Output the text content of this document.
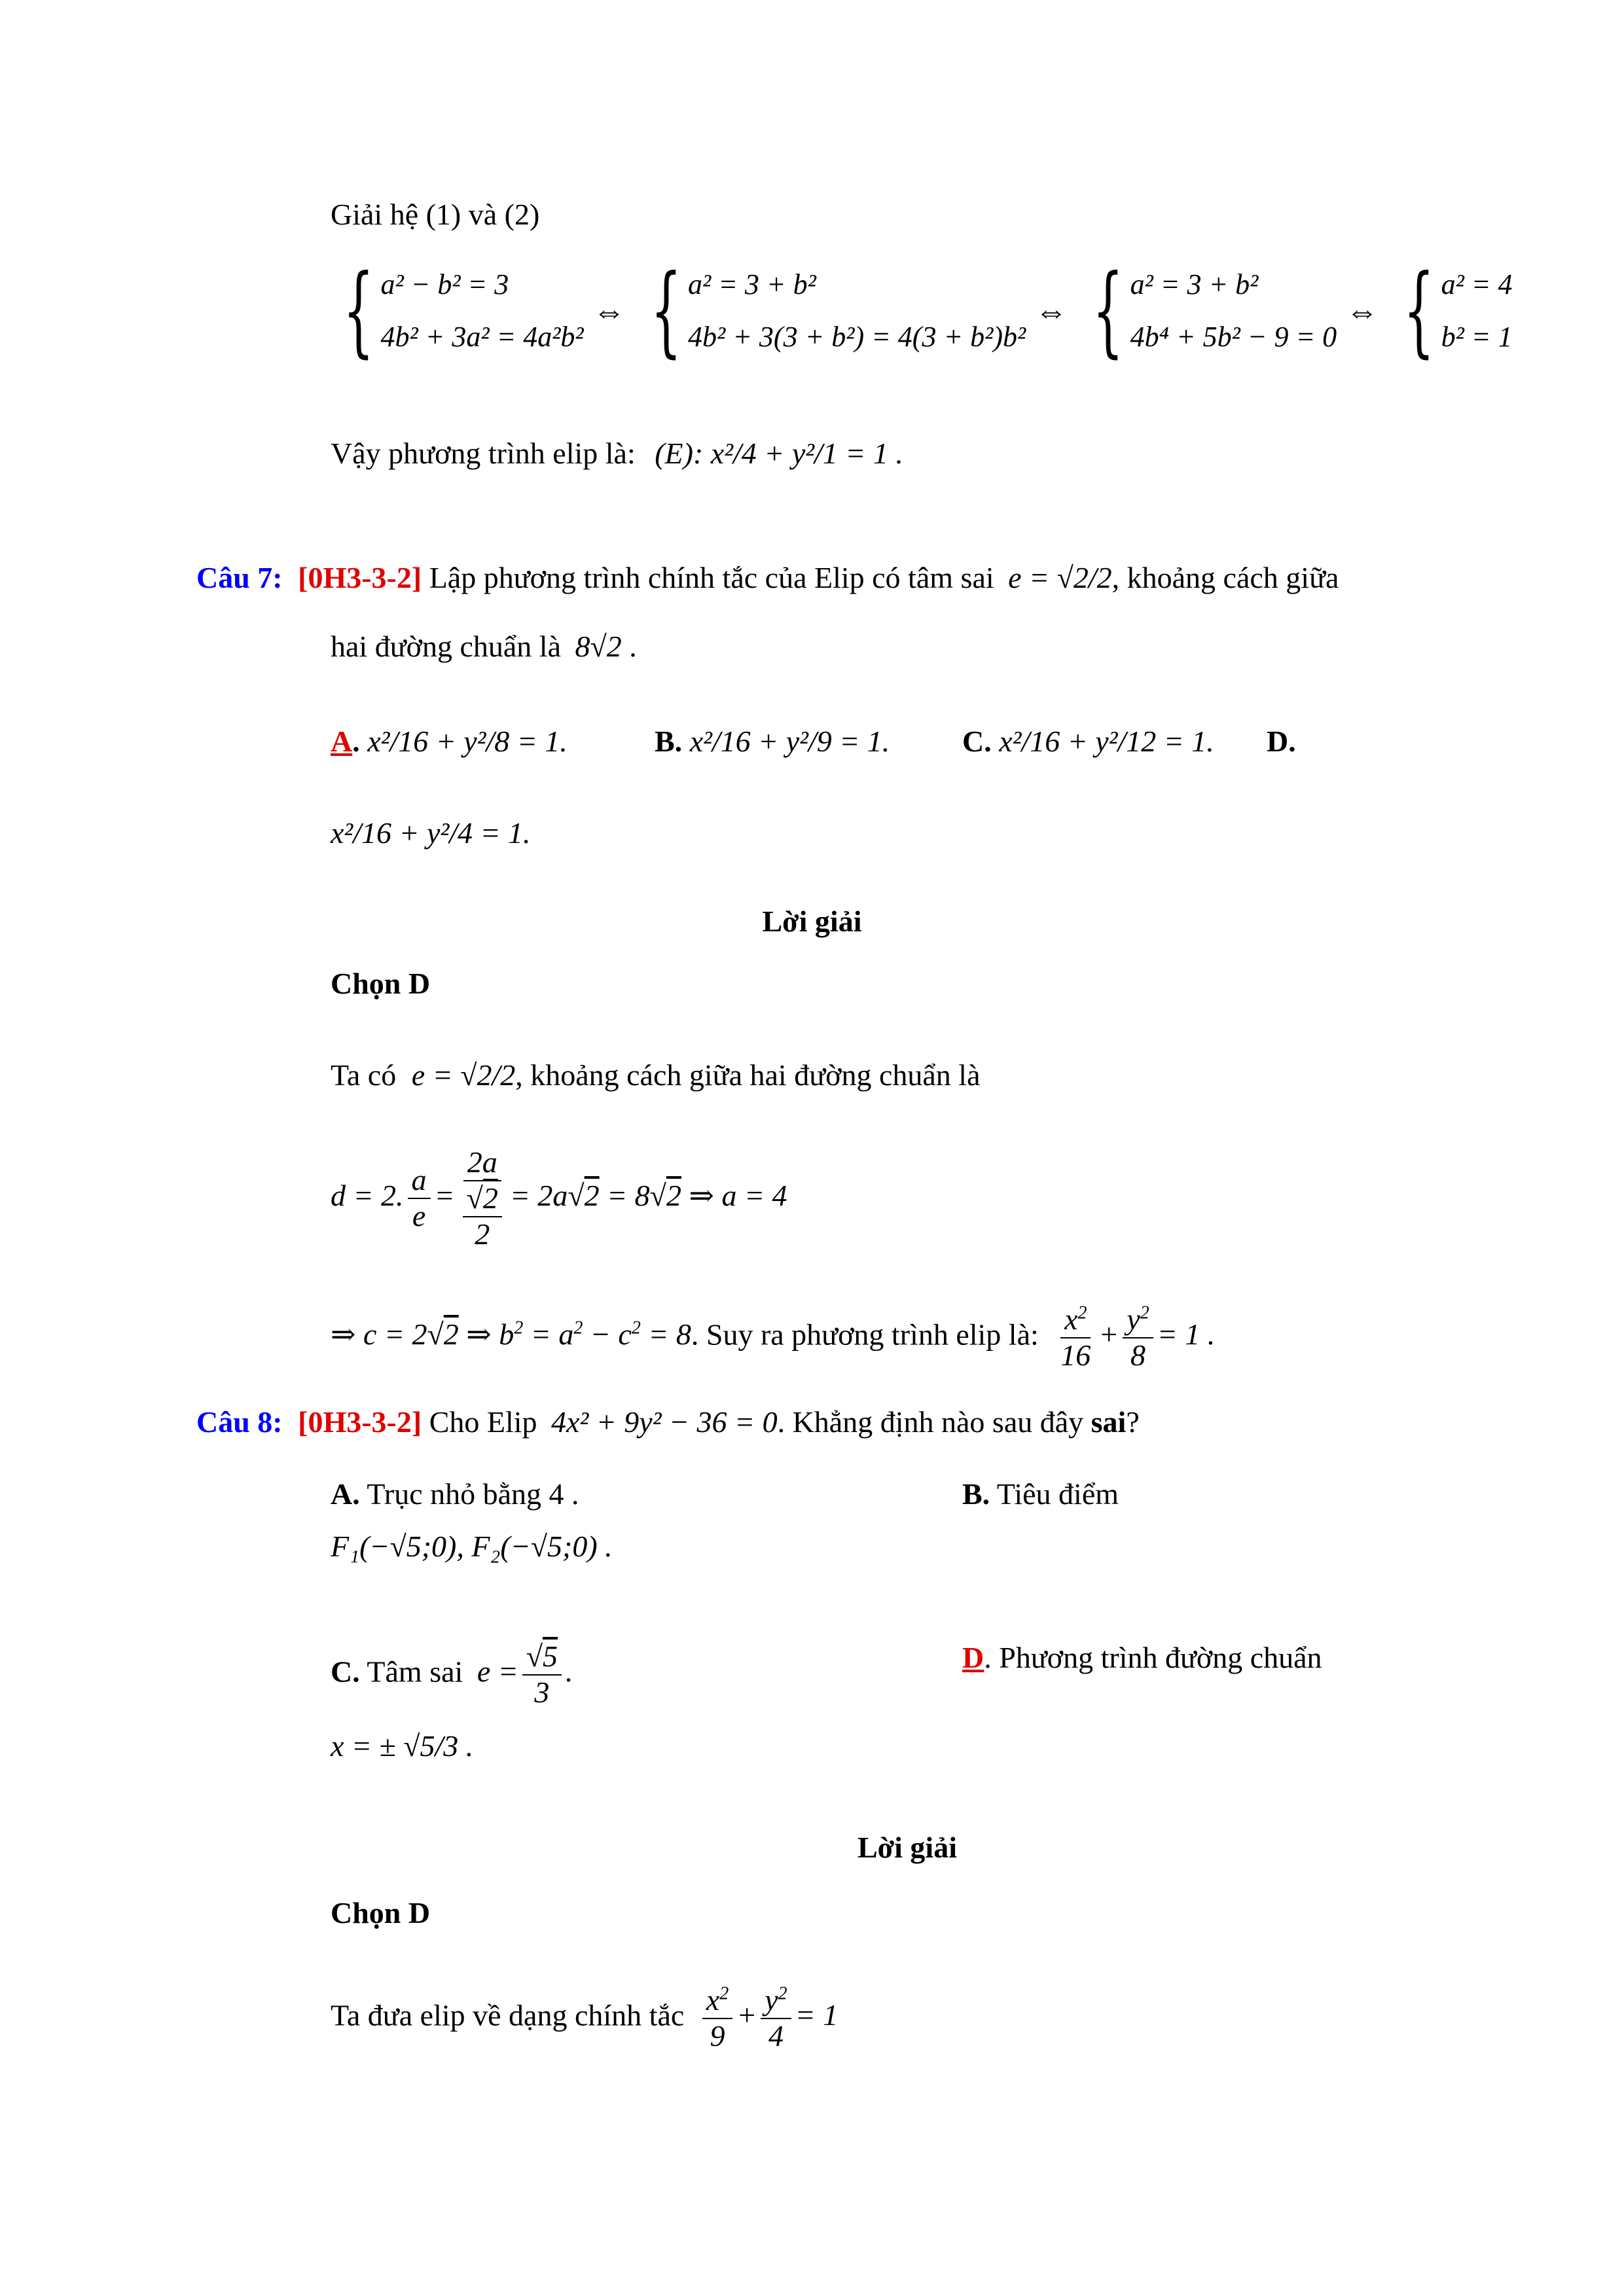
Giải hệ (1) và (2)
{ a² − b² = 3
4b² + 3a² = 4a²b²
⇔ { a² = 3 + b²
4b² + 3(3 + b²) = 4(3 + b²)b²
⇔ { a² = 3 + b²
4b⁴ + 5b² − 9 = 0
⇔ { a² = 4
b² = 1
Vậy phương trình elip là: (E): x²/4 + y²/1 = 1 .
Câu 7: [0H3-3-2] Lập phương trình chính tắc của Elip có tâm sai e = √2/2, khoảng cách giữa
hai đường chuẩn là 8√2 .
A. x²/16 + y²/8 = 1.	B. x²/16 + y²/9 = 1. C. x²/16 + y²/12 = 1. D.
x²/16 + y²/4 = 1.
Lời giải
Chọn D
Ta có e = √2/2, khoảng cách giữa hai đường chuẩn là
d = 2. $\frac{a}{e} = \frac{2a}{\frac{√2}{2}} = 2a√2 = 8√2$ ⇒ a = 4
⇒ c = 2√2 ⇒ $b^2 = a^2 - c^2 = 8$. Suy ra phương trình elip là: $\frac{x^2}{16} + \frac{y^2}{8} = 1$ .
Câu 8: [0H3-3-2] Cho Elip 4x² + 9y² − 36 = 0. Khẳng định nào sau đây sai?
A. Trục nhỏ bằng 4 .	B. Tiêu điểm
F₁(−√5;0), F₂(−√5;0) .
C. Tâm sai $e = \frac{√5}{3}$ .	D. Phương trình đường chuẩn
x = ± √5/3 .
Lời giải
Chọn D
Ta đưa elip về dạng chính tắc $\frac{x^2}{9} + \frac{y^2}{4} = 1$
